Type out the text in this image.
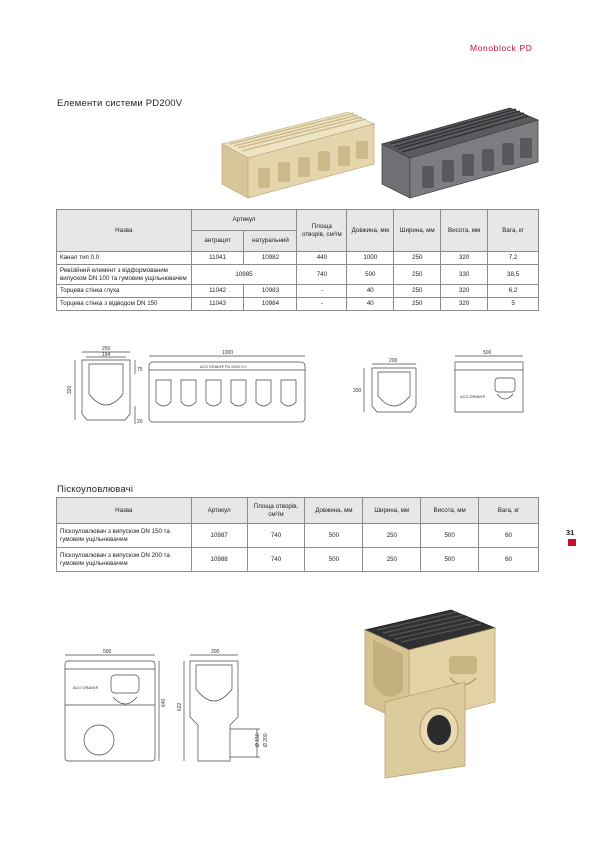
Monoblock PD
Елементи системи PD200V
Назва	Артикул		Площа отворів, см²/м	Довжина, мм	Ширина, мм	Висота, мм	Вага, кг
	антрацит	натуральний					
Канал тип 0.0	11041	10982	440	1000	250	320	7,2
Ревізійний елемент з відформованим випуском DN 100 та гумовим ущільнювачем	10985		740	500	250	330	38,5
Торцева стінка глуха	11042	10983	-	40	250	320	6,2
Торцева стінка з відводом DN 150	11043	10984	-	40	250	320	5
250
194
320
75
20
1000
ACO DRAIN® PD 200V 0.0
200
330
500
ACO DRAIN®
Піскоуловлювачі
Назва	Артикул	Площа отворів, см²/м	Довжина, мм	Ширина, мм	Висота, мм	Вага, кг
Піскоуловлювач з випуском DN 150 та гумовим ущільнювачем	10987	740	500	250	500	60
Піскоуловлювач з випуском DN 200 та гумовим ущільнювачем	10988	740	500	250	500	60
31
500	200
640 622
Ø 200
Ø 150
ACO DRAIN®
